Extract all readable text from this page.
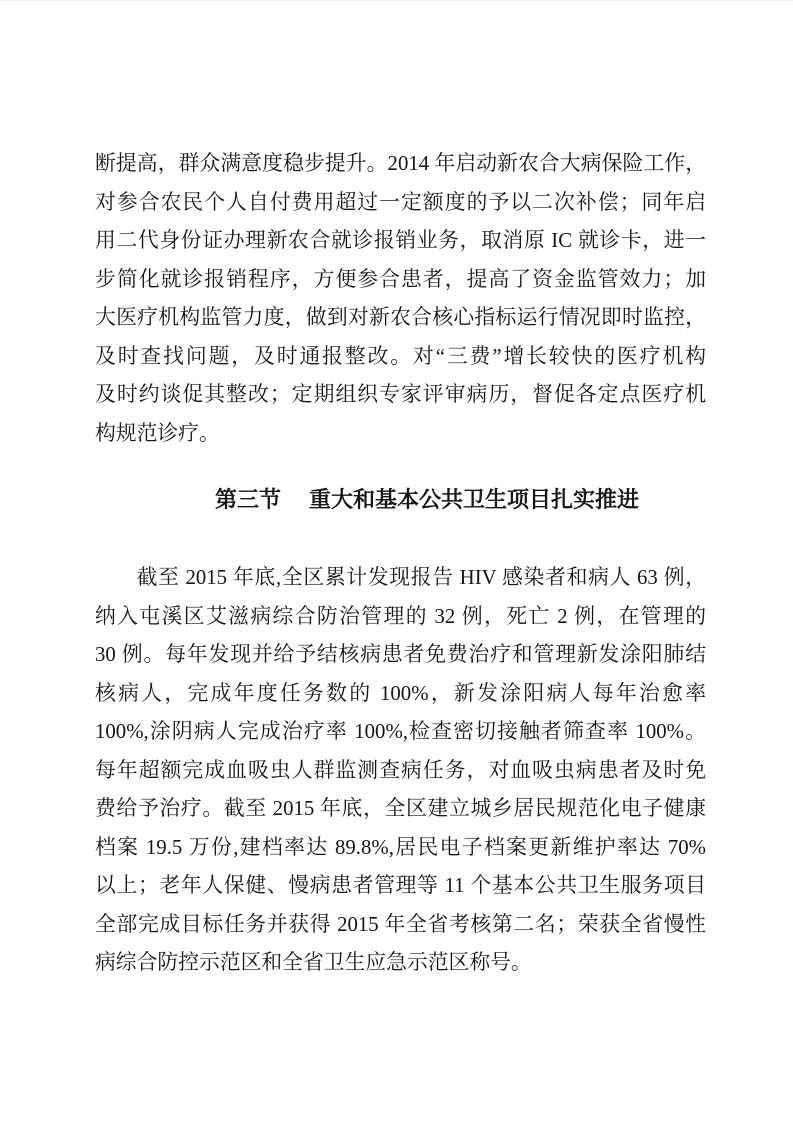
断提高，群众满意度稳步提升。2014 年启动新农合大病保险工作，
对参合农民个人自付费用超过一定额度的予以二次补偿；同年启
用二代身份证办理新农合就诊报销业务，取消原 IC 就诊卡，进一
步简化就诊报销程序，方便参合患者，提高了资金监管效力；加
大医疗机构监管力度，做到对新农合核心指标运行情况即时监控，
及时查找问题，及时通报整改。对“三费”增长较快的医疗机构
及时约谈促其整改；定期组织专家评审病历，督促各定点医疗机
构规范诊疗。
第三节 重大和基本公共卫生项目扎实推进
截至 2015 年底,全区累计发现报告 HIV 感染者和病人 63 例，
纳入屯溪区艾滋病综合防治管理的 32 例，死亡 2 例，在管理的
30 例。每年发现并给予结核病患者免费治疗和管理新发涂阳肺结
核病人，完成年度任务数的 100%，新发涂阳病人每年治愈率
100%,涂阴病人完成治疗率 100%,检查密切接触者筛查率 100%。
每年超额完成血吸虫人群监测查病任务，对血吸虫病患者及时免
费给予治疗。截至 2015 年底，全区建立城乡居民规范化电子健康
档案 19.5 万份,建档率达 89.8%,居民电子档案更新维护率达 70%
以上；老年人保健、慢病患者管理等 11 个基本公共卫生服务项目
全部完成目标任务并获得 2015 年全省考核第二名；荣获全省慢性
病综合防控示范区和全省卫生应急示范区称号。
